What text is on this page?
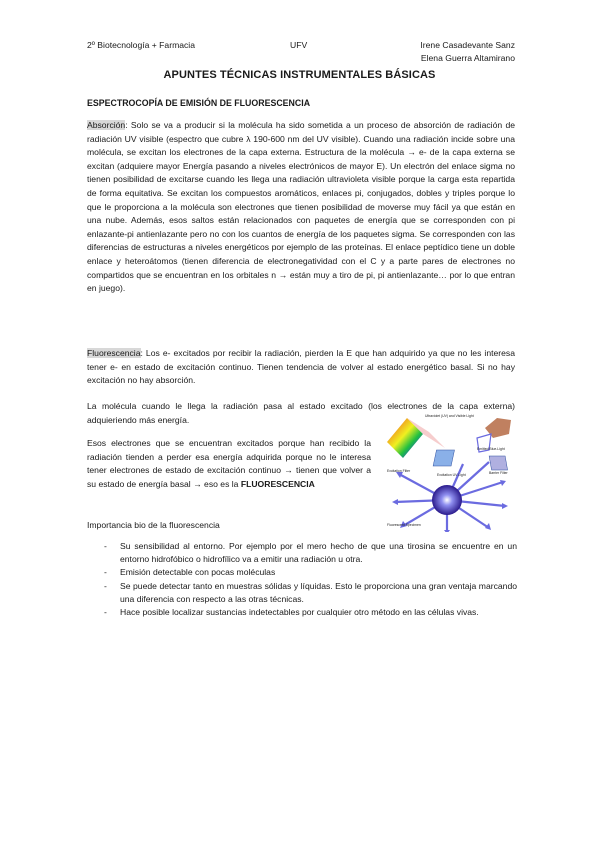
2º Biotecnología + Farmacia	UFV	Irene Casadevante Sanz
Elena Guerra Altamirano
APUNTES TÉCNICAS INSTRUMENTALES BÁSICAS
ESPECTROCOPÍA DE EMISIÓN DE FLUORESCENCIA

Absorción: Solo se va a producir si la molécula ha sido sometida a un proceso de absorción de radiación de radiación UV visible (espectro que cubre λ 190-600 nm del UV visible). Cuando una radiación incide sobre una molécula, se excitan los electrones de la capa externa. Estructura de la molécula → e- de la capa externa se excitan (adquiere mayor Energía pasando a niveles electrónicos de mayor E). Un electrón del enlace sigma no tienen posibilidad de excitarse cuando les llega una radiación ultravioleta visible porque la carga esta repartida de forma equitativa. Se excitan los compuestos aromáticos, enlaces pi, conjugados, dobles y triples porque lo que le proporciona a la molécula son electrones que tienen posibilidad de moverse muy fácil ya que están en una nube. Además, esos saltos están relacionados con paquetes de energía que se corresponden con pi enlazante-pi antienlazante pero no con los cuantos de energía de los paquetes sigma. Se corresponden con las diferencias de estructuras a niveles energéticos por ejemplo de las proteínas. El enlace peptídico tiene un doble enlace y heteroátomos (tienen diferencia de electronegatividad con el C y a parte pares de electrones no compartidos que se encuentran en los orbitales n → están muy a tiro de pi, pi antienlazante… por lo que entran en juego).

Fluorescencia: Los e- excitados por recibir la radiación, pierden la E que han adquirido ya que no les interesa tener e- en estado de excitación continuo. Tienen tendencia de volver al estado energético basal. Si no hay excitación no hay absorción.

La molécula cuando le llega la radiación pasa al estado excitado (los electrones de la capa externa) adquieriendo más energía.

Esos electrones que se encuentran excitados porque han recibido la radiación tienden a perder esa energía adquirida porque no le interesa tener electrones de estado de excitación continuo → tienen que volver a su estado de energía basal → eso es la FLUORESCENCIA

Ultraviolet (UV) and Visible Light
Emitted Blue-Light
Excitation Filter
Excitation UV Light	Barrier Filter
Fluorescent Specimen
Importancia bio de la fluorescencia
- Su sensibilidad al entorno. Por ejemplo por el mero hecho de que una tirosina se encuentre en un entorno hidrofóbico o hidrofílico va a emitir una radiación u otra.
- Emisión detectable con pocas moléculas
- Se puede detectar tanto en muestras sólidas y líquidas. Esto le proporciona una gran ventaja marcando una diferencia con respecto a las otras técnicas.
- Hace posible localizar sustancias indetectables por cualquier otro método en las células vivas.
